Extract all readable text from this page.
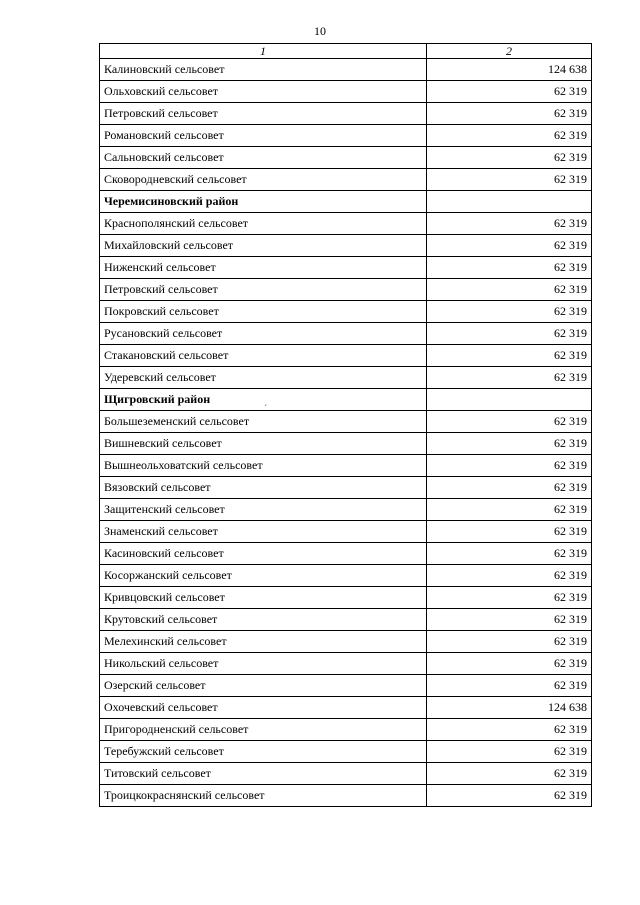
10
1	2
Калиновский сельсовет	124 638
Ольховский сельсовет	62 319
Петровский сельсовет	62 319
Романовский сельсовет	62 319
Сальновский сельсовет	62 319
Сковородневский сельсовет	62 319
Черемисиновский район	
Краснополянский сельсовет	62 319
Михайловский сельсовет	62 319
Ниженский сельсовет	62 319
Петровский сельсовет	62 319
Покровский сельсовет	62 319
Русановский сельсовет	62 319
Стакановский сельсовет	62 319
Удеревский сельсовет	62 319
Щигровский район	
Большеземенский сельсовет	62 319
Вишневский сельсовет	62 319
Вышнеольховатский сельсовет	62 319
Вязовский сельсовет	62 319
Защитенский сельсовет	62 319
Знаменский сельсовет	62 319
Касиновский сельсовет	62 319
Косоржанский сельсовет	62 319
Кривцовский сельсовет	62 319
Крутовский сельсовет	62 319
Мелехинский сельсовет	62 319
Никольский сельсовет	62 319
Озерский сельсовет	62 319
Охочевский сельсовет	124 638
Пригородненский сельсовет	62 319
Теребужский сельсовет	62 319
Титовский сельсовет	62 319
Троицкокраснянский сельсовет	62 319
ˊ
